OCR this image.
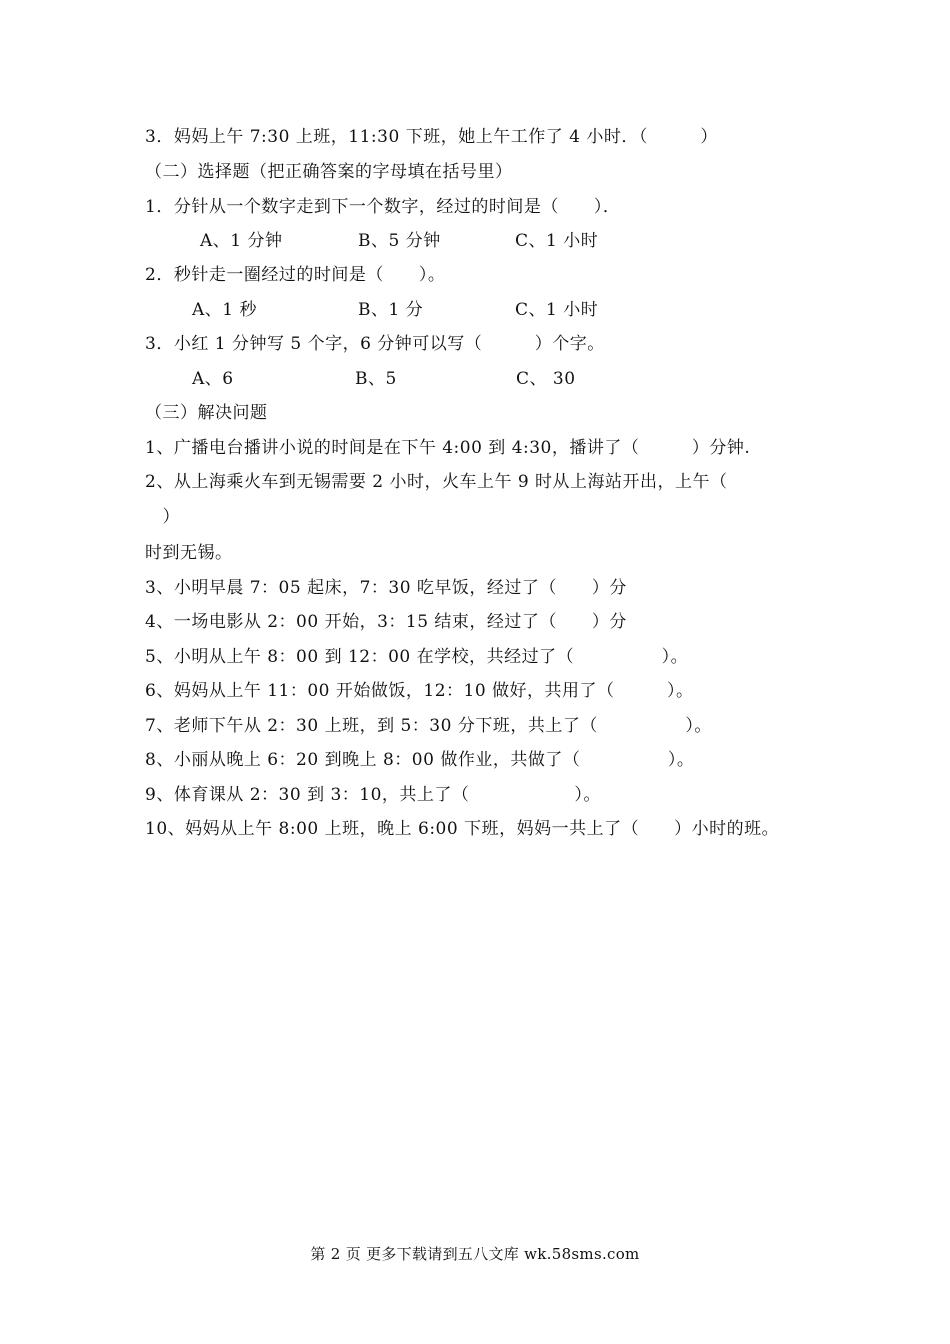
3．妈妈上午 7:30 上班，11:30 下班，她上午工作了 4 小时．（　　　）
（二）选择题（把正确答案的字母填在括号里）
1．分针从一个数字走到下一个数字，经过的时间是（　　）．
A、1 分钟	B、5 分钟	C、1 小时
2．秒针走一圈经过的时间是（　　）。
A、1 秒	B、1 分	C、1 小时
3．小红 1 分钟写 5 个字，6 分钟可以写（　　　）个字。
A、6	B、5	C、 30
（三）解决问题
1、广播电台播讲小说的时间是在下午 4:00 到 4:30，播讲了（　　　）分钟.
2、从上海乘火车到无锡需要 2 小时，火车上午 9 时从上海站开出，上午（
　）
时到无锡。
3、小明早晨 7：05 起床，7：30 吃早饭，经过了（　　）分
4、一场电影从 2：00 开始，3：15 结束，经过了（　　）分
5、小明从上午 8：00 到 12：00 在学校，共经过了（　　　　　）。
6、妈妈从上午 11：00 开始做饭，12：10 做好，共用了（　　　）。
7、老师下午从 2：30 上班，到 5：30 分下班，共上了（　　　　　）。
8、小丽从晚上 6：20 到晚上 8：00 做作业，共做了（　　　　　）。
9、体育课从 2：30 到 3：10，共上了（　　　　　　）。
10、妈妈从上午 8:00 上班，晚上 6:00 下班，妈妈一共上了（　　）小时的班。
第 2 页 更多下载请到五八文库 wk.58sms.com
